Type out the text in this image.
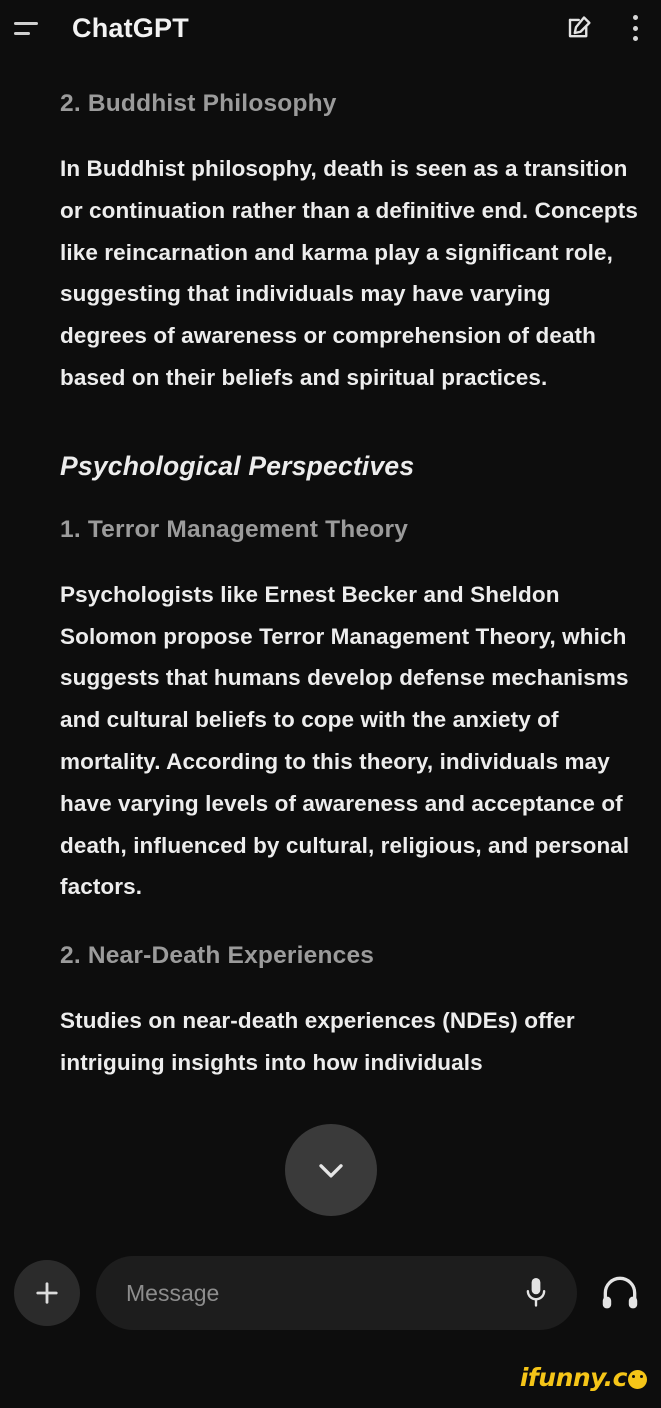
ChatGPT
2. Buddhist Philosophy
In Buddhist philosophy, death is seen as a transition or continuation rather than a definitive end. Concepts like reincarnation and karma play a significant role, suggesting that individuals may have varying degrees of awareness or comprehension of death based on their beliefs and spiritual practices.
Psychological Perspectives
1. Terror Management Theory
Psychologists like Ernest Becker and Sheldon Solomon propose Terror Management Theory, which suggests that humans develop defense mechanisms and cultural beliefs to cope with the anxiety of mortality. According to this theory, individuals may have varying levels of awareness and acceptance of death, influenced by cultural, religious, and personal factors.
2. Near-Death Experiences
Studies on near-death experiences (NDEs) offer intriguing insights into how individuals
Message
ifunny.c
